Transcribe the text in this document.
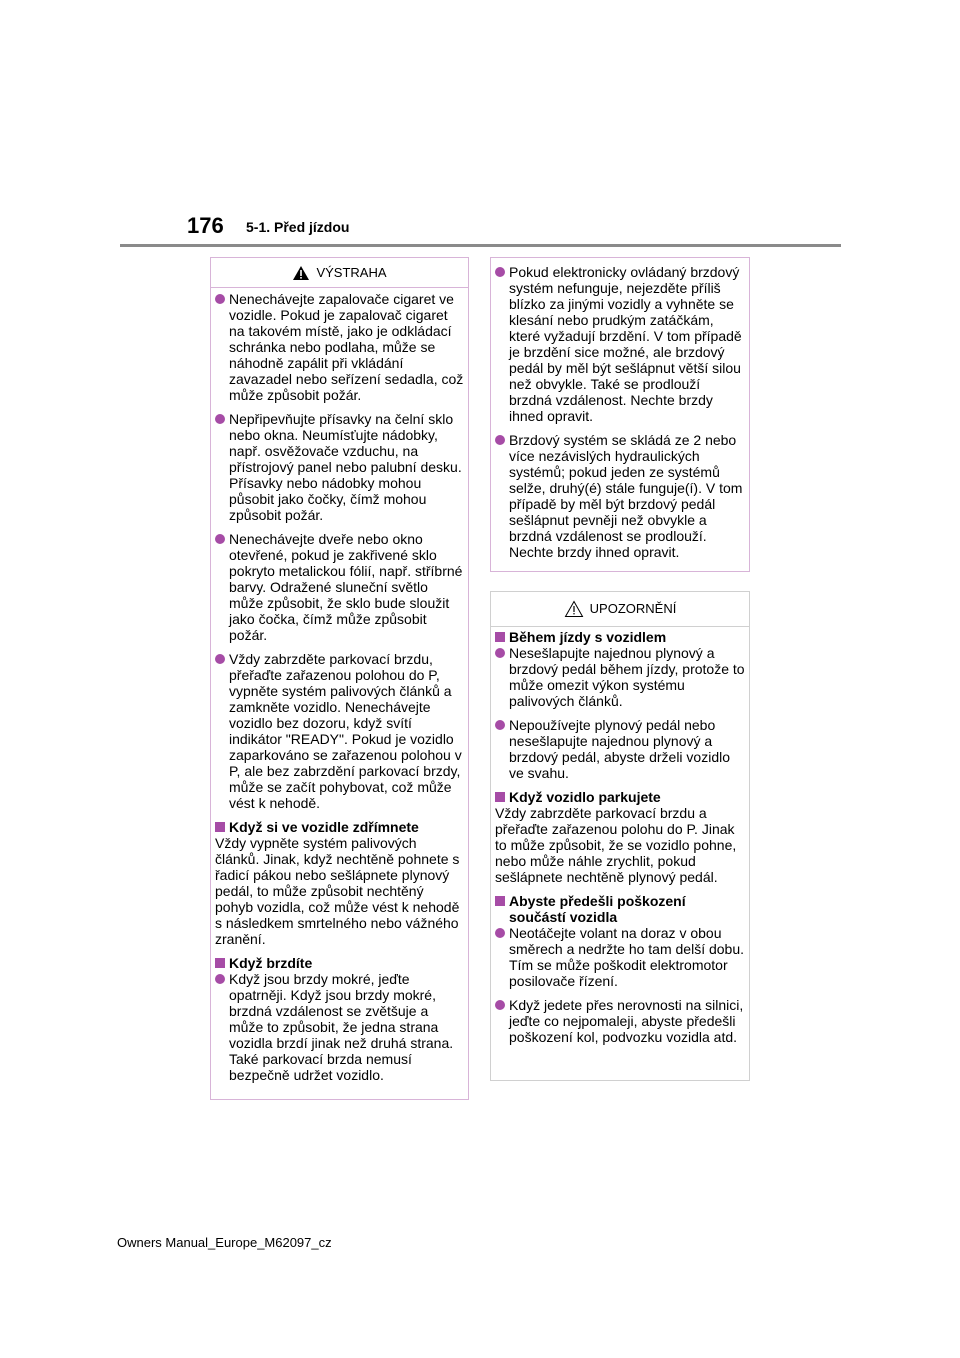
176 5-1. Před jízdou
VÝSTRAHA
Nenechávejte zapalovače cigaret ve vozidle. Pokud je zapalovač cigaret na takovém místě, jako je odkládací schránka nebo podlaha, může se náhodně zapálit při vkládání zavazadel nebo seřízení sedadla, což může způsobit požár.
Nepřipevňujte přísavky na čelní sklo nebo okna. Neumísťujte nádobky, např. osvěžovače vzduchu, na přístrojový panel nebo palubní desku. Přísavky nebo nádobky mohou působit jako čočky, čímž mohou způsobit požár.
Nenechávejte dveře nebo okno otevřené, pokud je zakřivené sklo pokryto metalickou fólií, např. stříbrné barvy. Odražené sluneční světlo může způsobit, že sklo bude sloužit jako čočka, čímž může způsobit požár.
Vždy zabrzděte parkovací brzdu, přeřaďte zařazenou polohou do P, vypněte systém palivových článků a zamkněte vozidlo. Nenechávejte vozidlo bez dozoru, když svítí indikátor "READY". Pokud je vozidlo zaparkováno se zařazenou polohou v P, ale bez zabrzdění parkovací brzdy, může se začít pohybovat, což může vést k nehodě.
Když si ve vozidle zdřímnete
Vždy vypněte systém palivových článků. Jinak, když nechtěně pohnete s řadicí pákou nebo sešlápnete plynový pedál, to může způsobit nechtěný pohyb vozidla, což může vést k nehodě s následkem smrtelného nebo vážného zranění.
Když brzdíte
Když jsou brzdy mokré, jeďte opatrněji. Když jsou brzdy mokré, brzdná vzdálenost se zvětšuje a může to způsobit, že jedna strana vozidla brzdí jinak než druhá strana. Také parkovací brzda nemusí bezpečně udržet vozidlo.
Pokud elektronicky ovládaný brzdový systém nefunguje, nejezděte příliš blízko za jinými vozidly a vyhněte se klesání nebo prudkým zatáčkám, které vyžadují brzdění. V tom případě je brzdění sice možné, ale brzdový pedál by měl být sešlápnut větší silou než obvykle. Také se prodlouží brzdná vzdálenost. Nechte brzdy ihned opravit.
Brzdový systém se skládá ze 2 nebo více nezávislých hydraulických systémů; pokud jeden ze systémů selže, druhý(é) stále funguje(í). V tom případě by měl být brzdový pedál sešlápnut pevněji než obvykle a brzdná vzdálenost se prodlouží. Nechte brzdy ihned opravit.
UPOZORNĚNÍ
Během jízdy s vozidlem
Nesešlapujte najednou plynový a brzdový pedál během jízdy, protože to může omezit výkon systému palivových článků.
Nepoužívejte plynový pedál nebo nesešlapujte najednou plynový a brzdový pedál, abyste drželi vozidlo ve svahu.
Když vozidlo parkujete
Vždy zabrzděte parkovací brzdu a přeřaďte zařazenou polohu do P. Jinak to může způsobit, že se vozidlo pohne, nebo může náhle zrychlit, pokud sešlápnete nechtěně plynový pedál.
Abyste předešli poškození součástí vozidla
Neotáčejte volant na doraz v obou směrech a nedržte ho tam delší dobu. Tím se může poškodit elektromotor posilovače řízení.
Když jedete přes nerovnosti na silnici, jeďte co nejpomaleji, abyste předešli poškození kol, podvozku vozidla atd.
Owners Manual_Europe_M62097_cz
